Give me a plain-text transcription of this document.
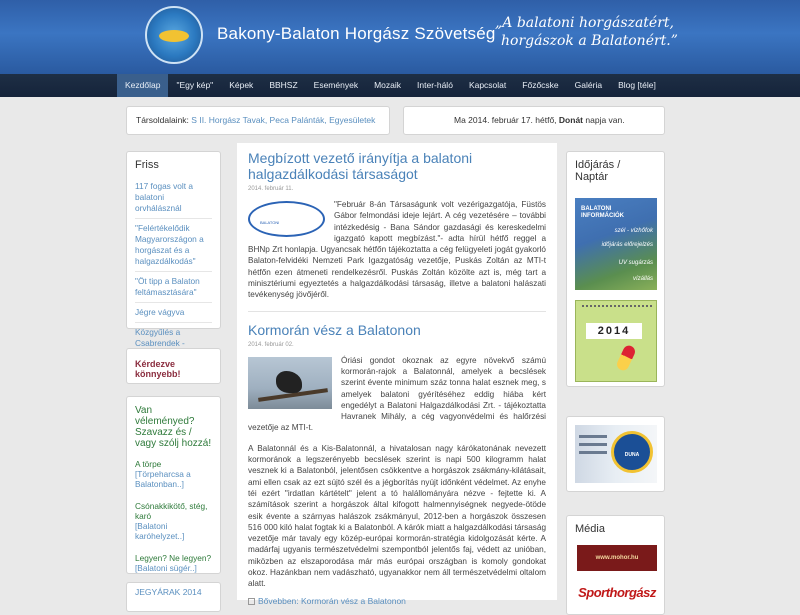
Bakony-Balaton Horgász Szövetség
„A balatoni horgászatért,
horgászok a Balatonért.”
Kezdőlap	"Egy kép"	Képek	BBHSZ	Események	Mozaik	Inter-háló	Kapcsolat	Főzőcske	Galéria	Blog [téle]
Társoldalaink: S II. Horgász Tavak, Peca Palánták, Egyesületek	Ma 2014. február 17. hétfő, Donát napja van.
Friss
117 fogas volt a balatoni orvhálásznál
"Felértékelődik Magyarországon a horgászat és a halgazdálkodás"
"Öt tipp a Balaton feltámasztására"
Jégre vágyva
Közgyűlés a Csabrendek -
Kérdezve könnyebb!
Van véleményed? Szavazz és / vagy szólj hozzá!
A törpe
[Törpeharcsa a Balatonban..]
Csónakkikötő, stég, karó
[Balatoni karóhelyzet..]
Legyen? Ne legyen?
[Balatoni sügér..]
JEGYÁRAK 2014
Megbízott vezető irányítja a balatoni halgazdálkodási társaságot
2014. február 11.
BALATONI
"Február 8-án Társaságunk volt vezérigazgatója, Füstös Gábor felmondási ideje lejárt. A cég vezetésére – további intézkedésig - Bana Sándor gazdasági és kereskedelmi igazgató kapott megbízást."- adta hírül hétfő reggel a BHNp Zrt honlapja. Ugyancsak hétfőn tájékoztatta a cég felügyeleti jogát gyakorló Balaton-felvidéki Nemzeti Park Igazgatóság vezetője, Puskás Zoltán az MTI-t hétfőn ezen átmeneti rendelkezésről. Puskás Zoltán közölte azt is, még tart a minisztériumi egyeztetés a halgazdálkodási társaság, illetve a balatoni halászati tevékenység jövőjéről.
Kormorán vész a Balatonon
2014. február 02.

Óriási gondot okoznak az egyre növekvő számú kormorán-rajok a Balatonnál, amelyek a becslések szerint évente minimum száz tonna halat esznek meg, s amelyek balatoni gyérítéséhez eddig hiába kért engedélyt a Balatoni Halgazdálkodási Zrt. - tájékoztatta Havranek Mihály, a cég vagyonvédelmi és halőrzési vezetője az MTI-t.

A Balatonnál és a Kis-Balatonnál, a hivatalosan nagy kárókatonának nevezett kormoránok a legszerényebb becslések szerint is napi 500 kilogramm halat vesznek ki a Balatonból, jelentősen csökkentve a horgászok zsákmány-kilátásait, ami ellen csak az ezt sújtó szél és a jégborítás nyújt időnként védelmet. Az enyhe téi ezért "irdatlan kártételt" jelent a tó halállományára nézve - fejtette ki. A számítások szerint a horgászok által kifogott halmennyiségnek negyede-ötöde esik évente a szárnyas halászok zsákmányul, 2012-ben a horgászok összesen 516 000 kiló halat fogtak ki a Balatonból. A kárók miatt a halgazdálkodási társaság vezetője már tavaly egy közép-európai kormorán-stratégia kidolgozását kérte. A madárfaj ugyanis természetvédelmi szempontból jelentős faj, védett az unióban, miközben az elszaporodása már más európai országban is komoly gondokat okoz. Hazánkban nem vadászható, ugyanakkor nem áll természetvédelmi oltalom alatt.

Bővebben: Kormorán vész a Balatonon
Időjárás / Naptár
BALATONI
INFORMÁCIÓK
szél - vízhőfok
időjárás előrejelzés
UV sugárzás
vízállás
2014
DUNA
Média
www.mohor.hu
Sporthorgász
